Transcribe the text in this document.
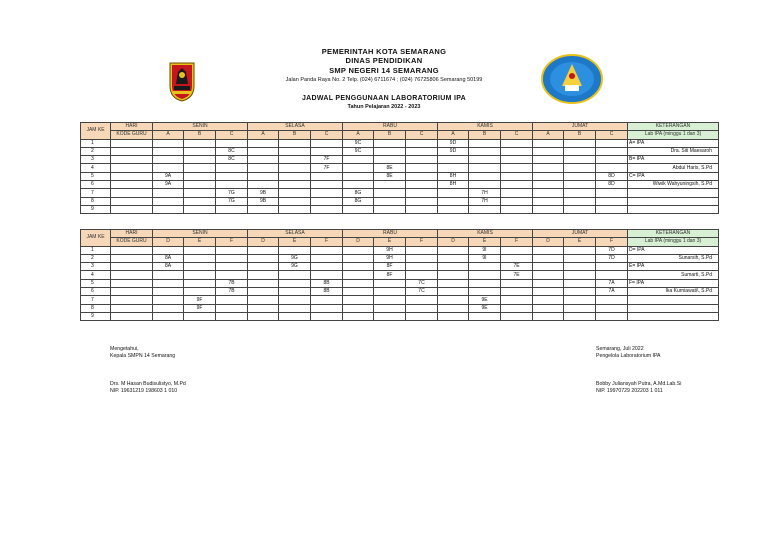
PEMERINTAH KOTA SEMARANG
DINAS PENDIDIKAN
SMP NEGERI 14 SEMARANG
Jalan Panda Raya No. 2 Telp. (024) 6711674 ; (024) 76725806 Semarang 50199
JADWAL PENGGUNAAN LABORATORIUM IPA
Tahun Pelajaran 2022 - 2023
JAM KE	HARI	SENIN			SELASA			RABU			KAMIS			JUMAT			KETERANGAN
	KODE GURU	A	B	C	A	B	C	A	B	C	A	B	C	A	B	C	Lab IPA (minggu 1 dan 3)
1								9C			9D						A= IPA
2				8C				9C			9D						Dra. Siti Maesaroh
3				8C			7F										B= IPA
4							7F		8E								Abdul Haris, S.Pd
5		9A							8E		8H					8D	C= IPA
6		9A									8H					8D	Wiwik Wahyuningsih, S.Pd
7				7G	9B			8G				7H					
8				7G	9B			8G				7H					
9																	
JAM KE	HARI	SENIN			SELASA			RABU			KAMIS			JUMAT			KETERANGAN
	KODE GURU	D	E	F	D	E	F	D	E	F	D	E	F	D	E	F	Lab IPA (minggu 1 dan 3)
1									9H			9I				7D	D= IPA
2		8A				9G			9H			9I				7D	Sunarsih, S.Pd
3		8A				9G			8F				7E				E= IPA
4									8F				7E				Sumarti, S.Pd
5				7B			8B			7C						7A	F= IPA
6				7B			8B			7C						7A	Ika Kurniawati\, S.Pd
7			9F									9E					
8			9F									9E					
9																	
Mengetahui,
Kepala SMPN 14 Semarang
Drs. M Hasan Budisulistyo, M.Pd
NIP. 19631219 198603 1 010
Semarang, Juli 2022
Pengelola Laboratorium IPA
Bobby Juliansyah Putra, A.Md.Lab.Si
NIP. 19970729 202203 1 011
